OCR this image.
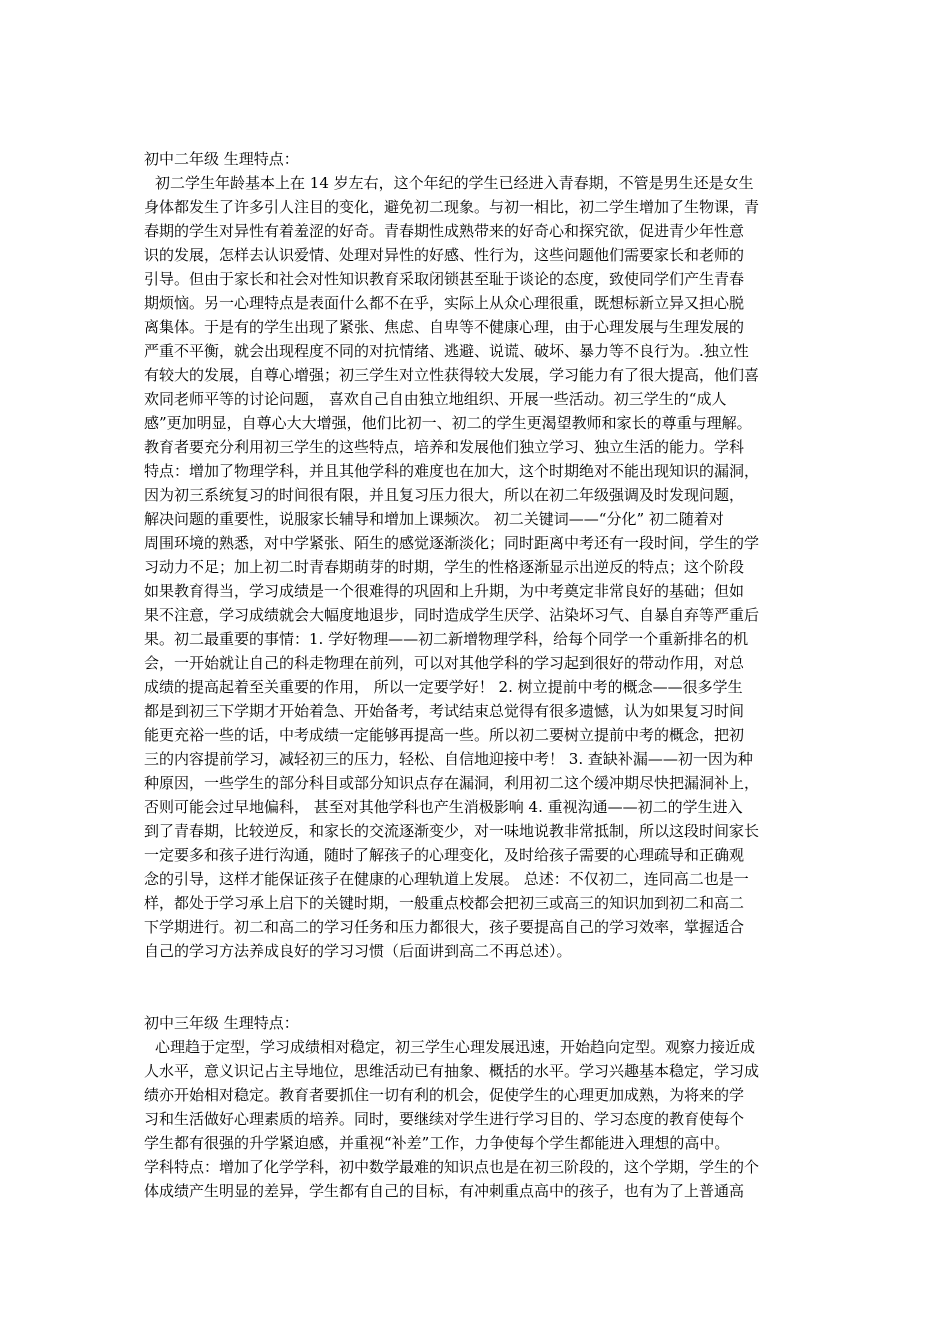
初中二年级 生理特点：
初二学生年龄基本上在 14 岁左右，这个年纪的学生已经进入青春期，不管是男生还是女生
身体都发生了许多引人注目的变化，避免初二现象。与初一相比，初二学生增加了生物课，青
春期的学生对异性有着羞涩的好奇。青春期性成熟带来的好奇心和探究欲，促进青少年性意
识的发展，怎样去认识爱情、处理对异性的好感、性行为，这些问题他们需要家长和老师的
引导。但由于家长和社会对性知识教育采取闭锁甚至耻于谈论的态度，致使同学们产生青春
期烦恼。另一心理特点是表面什么都不在乎，实际上从众心理很重，既想标新立异又担心脱
离集体。于是有的学生出现了紧张、焦虑、自卑等不健康心理，由于心理发展与生理发展的
严重不平衡，就会出现程度不同的对抗情绪、逃避、说谎、破坏、暴力等不良行为。.独立性
有较大的发展，自尊心增强；初三学生对立性获得较大发展，学习能力有了很大提高，他们喜
欢同老师平等的讨论问题， 喜欢自己自由独立地组织、开展一些活动。初三学生的“成人
感”更加明显，自尊心大大增强，他们比初一、初二的学生更渴望教师和家长的尊重与理解。
教育者要充分利用初三学生的这些特点，培养和发展他们独立学习、独立生活的能力。学科
特点：增加了物理学科，并且其他学科的难度也在加大，这个时期绝对不能出现知识的漏洞，
因为初三系统复习的时间很有限，并且复习压力很大，所以在初二年级强调及时发现问题，
解决问题的重要性，说服家长辅导和增加上课频次。 初二关键词——“分化” 初二随着对
周围环境的熟悉，对中学紧张、陌生的感觉逐渐淡化；同时距离中考还有一段时间，学生的学
习动力不足；加上初二时青春期萌芽的时期，学生的性格逐渐显示出逆反的特点；这个阶段
如果教育得当，学习成绩是一个很难得的巩固和上升期，为中考奠定非常良好的基础；但如
果不注意，学习成绩就会大幅度地退步，同时造成学生厌学、沾染坏习气、自暴自弃等严重后
果。初二最重要的事情：1. 学好物理——初二新增物理学科，给每个同学一个重新排名的机
会，一开始就让自己的科走物理在前列，可以对其他学科的学习起到很好的带动作用，对总
成绩的提高起着至关重要的作用， 所以一定要学好！ 2. 树立提前中考的概念——很多学生
都是到初三下学期才开始着急、开始备考，考试结束总觉得有很多遗憾，认为如果复习时间
能更充裕一些的话，中考成绩一定能够再提高一些。所以初二要树立提前中考的概念，把初
三的内容提前学习，减轻初三的压力，轻松、自信地迎接中考！ 3. 查缺补漏——初一因为种
种原因，一些学生的部分科目或部分知识点存在漏洞，利用初二这个缓冲期尽快把漏洞补上，
否则可能会过早地偏科， 甚至对其他学科也产生消极影响 4. 重视沟通——初二的学生进入
到了青春期，比较逆反，和家长的交流逐渐变少，对一味地说教非常抵制，所以这段时间家长
一定要多和孩子进行沟通，随时了解孩子的心理变化，及时给孩子需要的心理疏导和正确观
念的引导，这样才能保证孩子在健康的心理轨道上发展。 总述：不仅初二，连同高二也是一
样，都处于学习承上启下的关键时期，一般重点校都会把初三或高三的知识加到初二和高二
下学期进行。初二和高二的学习任务和压力都很大，孩子要提高自己的学习效率，掌握适合
自己的学习方法养成良好的学习习惯（后面讲到高二不再总述）。
初中三年级 生理特点：
心理趋于定型，学习成绩相对稳定，初三学生心理发展迅速，开始趋向定型。观察力接近成
人水平，意义识记占主导地位，思维活动已有抽象、概括的水平。学习兴趣基本稳定，学习成
绩亦开始相对稳定。教育者要抓住一切有利的机会，促使学生的心理更加成熟，为将来的学
习和生活做好心理素质的培养。同时，要继续对学生进行学习目的、学习态度的教育使每个
学生都有很强的升学紧迫感，并重视“补差”工作，力争使每个学生都能进入理想的高中。
学科特点：增加了化学学科，初中数学最难的知识点也是在初三阶段的，这个学期，学生的个
体成绩产生明显的差异，学生都有自己的目标，有冲刺重点高中的孩子，也有为了上普通高
